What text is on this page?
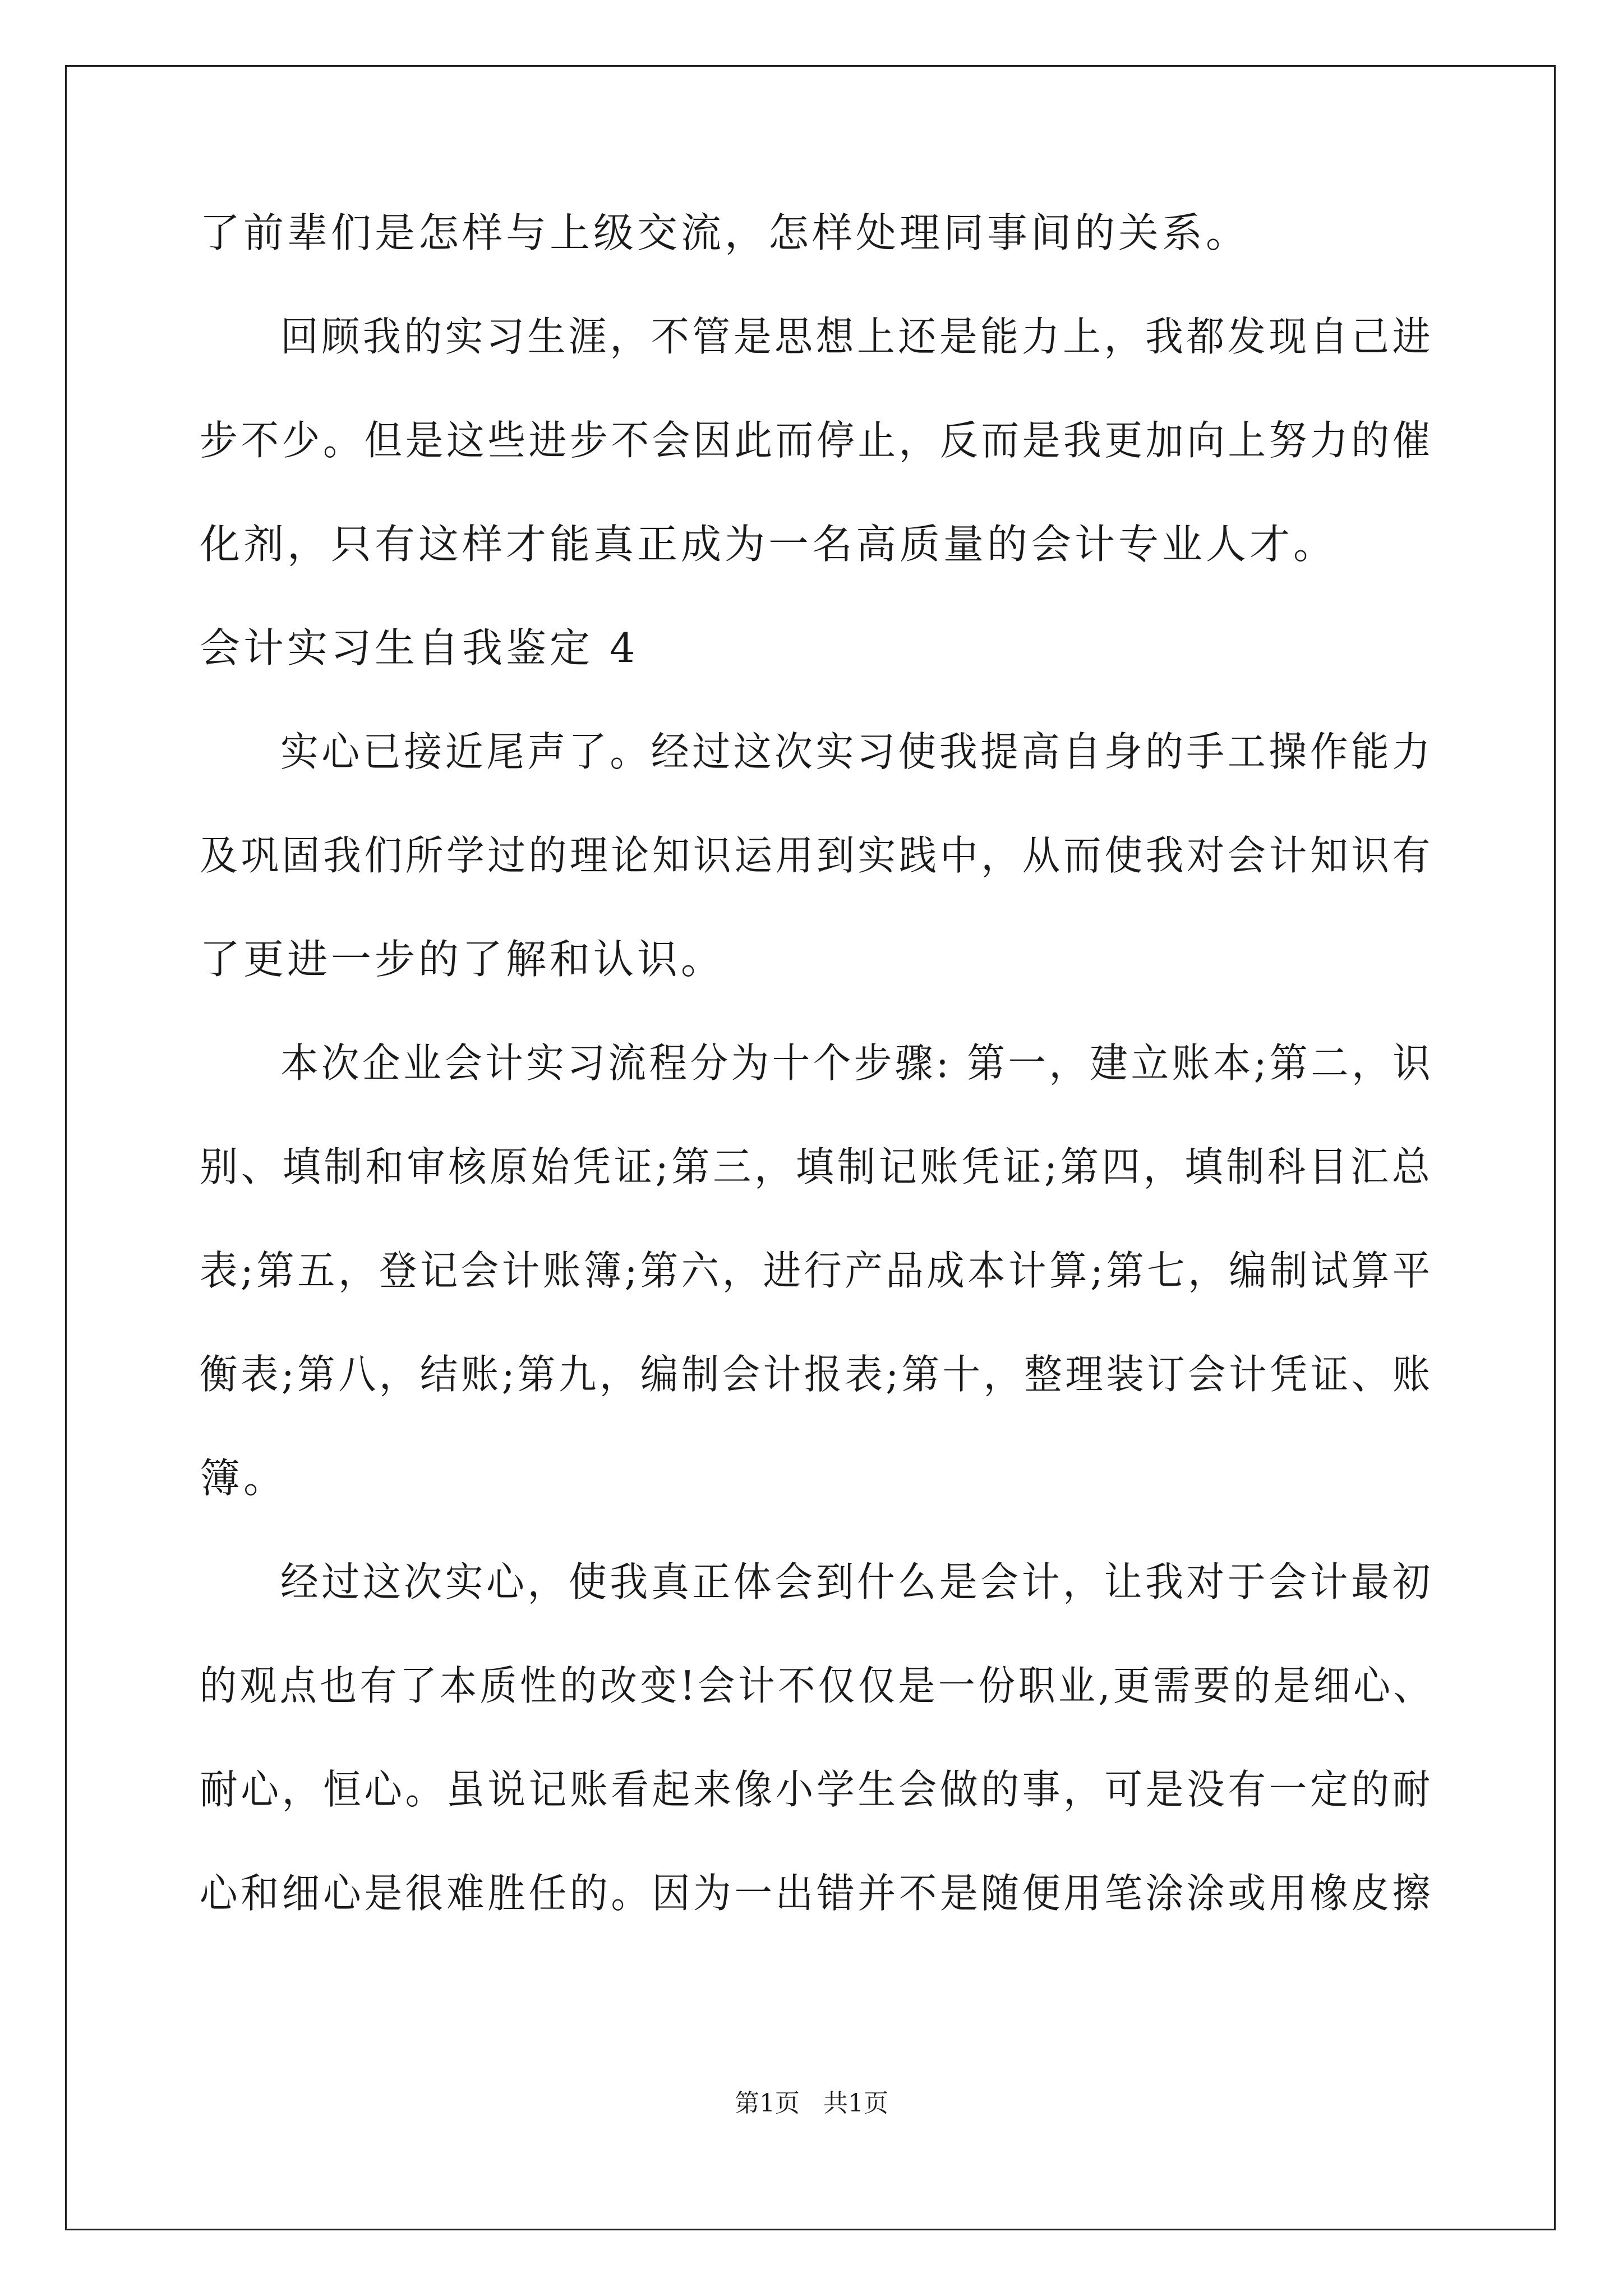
了前辈们是怎样与上级交流，怎样处理同事间的关系。
回顾我的实习生涯，不管是思想上还是能力上，我都发现自己进
步不少。但是这些进步不会因此而停止，反而是我更加向上努力的催
化剂，只有这样才能真正成为一名高质量的会计专业人才。
会计实习生自我鉴定 4
实心已接近尾声了。经过这次实习使我提高自身的手工操作能力
及巩固我们所学过的理论知识运用到实践中，从而使我对会计知识有
了更进一步的了解和认识。
本次企业会计实习流程分为十个步骤: 第一，建立账本;第二，识
别、填制和审核原始凭证;第三，填制记账凭证;第四，填制科目汇总
表;第五，登记会计账簿;第六，进行产品成本计算;第七，编制试算平
衡表;第八，结账;第九，编制会计报表;第十，整理装订会计凭证、账
簿。
经过这次实心，使我真正体会到什么是会计，让我对于会计最初
的观点也有了本质性的改变!会计不仅仅是一份职业,更需要的是细心、
耐心，恒心。虽说记账看起来像小学生会做的事，可是没有一定的耐
心和细心是很难胜任的。因为一出错并不是随便用笔涂涂或用橡皮擦
第1页   共1页
